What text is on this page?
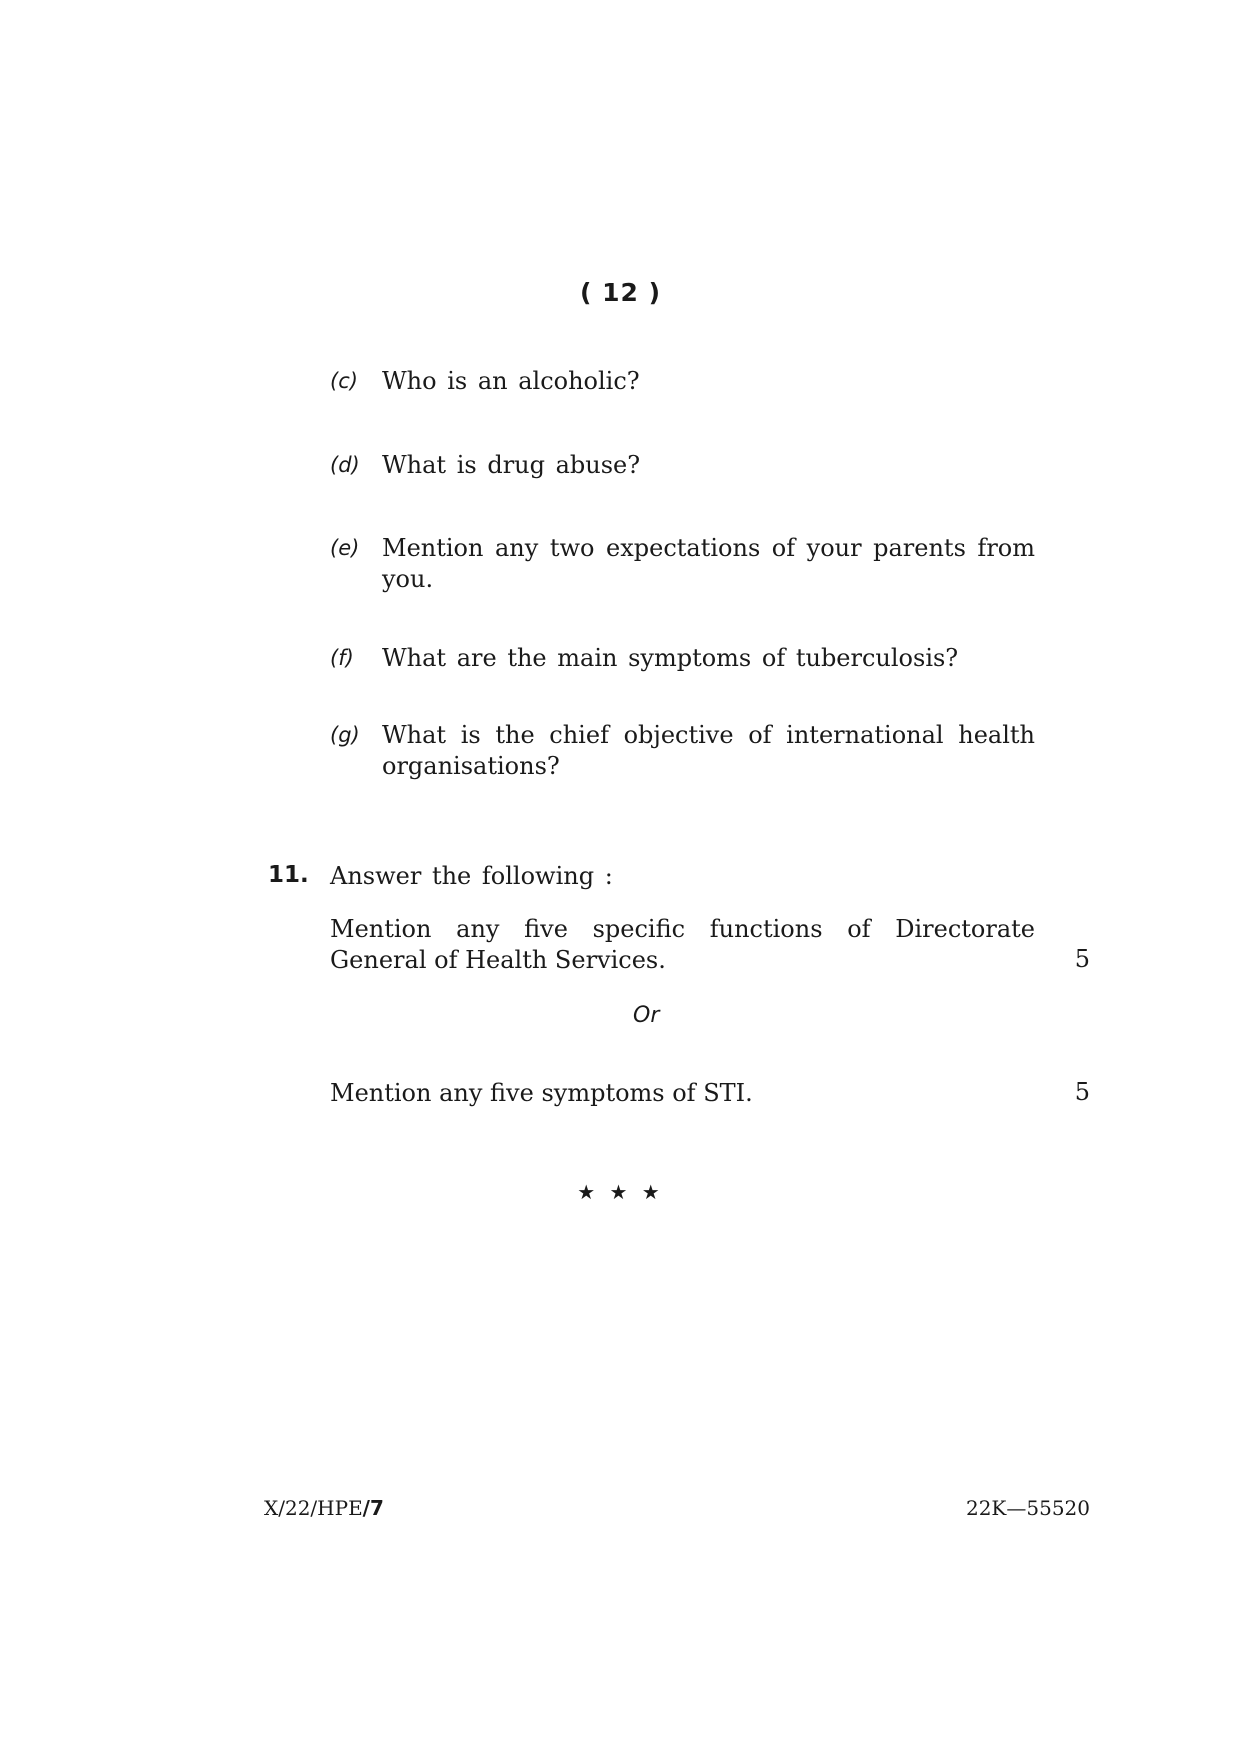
( 12 )
(c) Who is an alcoholic?
(d) What is drug abuse?
(e) Mention any two expectations of your parents from you.
(f) What are the main symptoms of tuberculosis?
(g) What is the chief objective of international health organisations?
11. Answer the following :
Mention any five specific functions of Directorate General of Health Services.	5
Or
Mention any five symptoms of STI.	5
★ ★ ★
X/22/HPE/7	22K—55520
